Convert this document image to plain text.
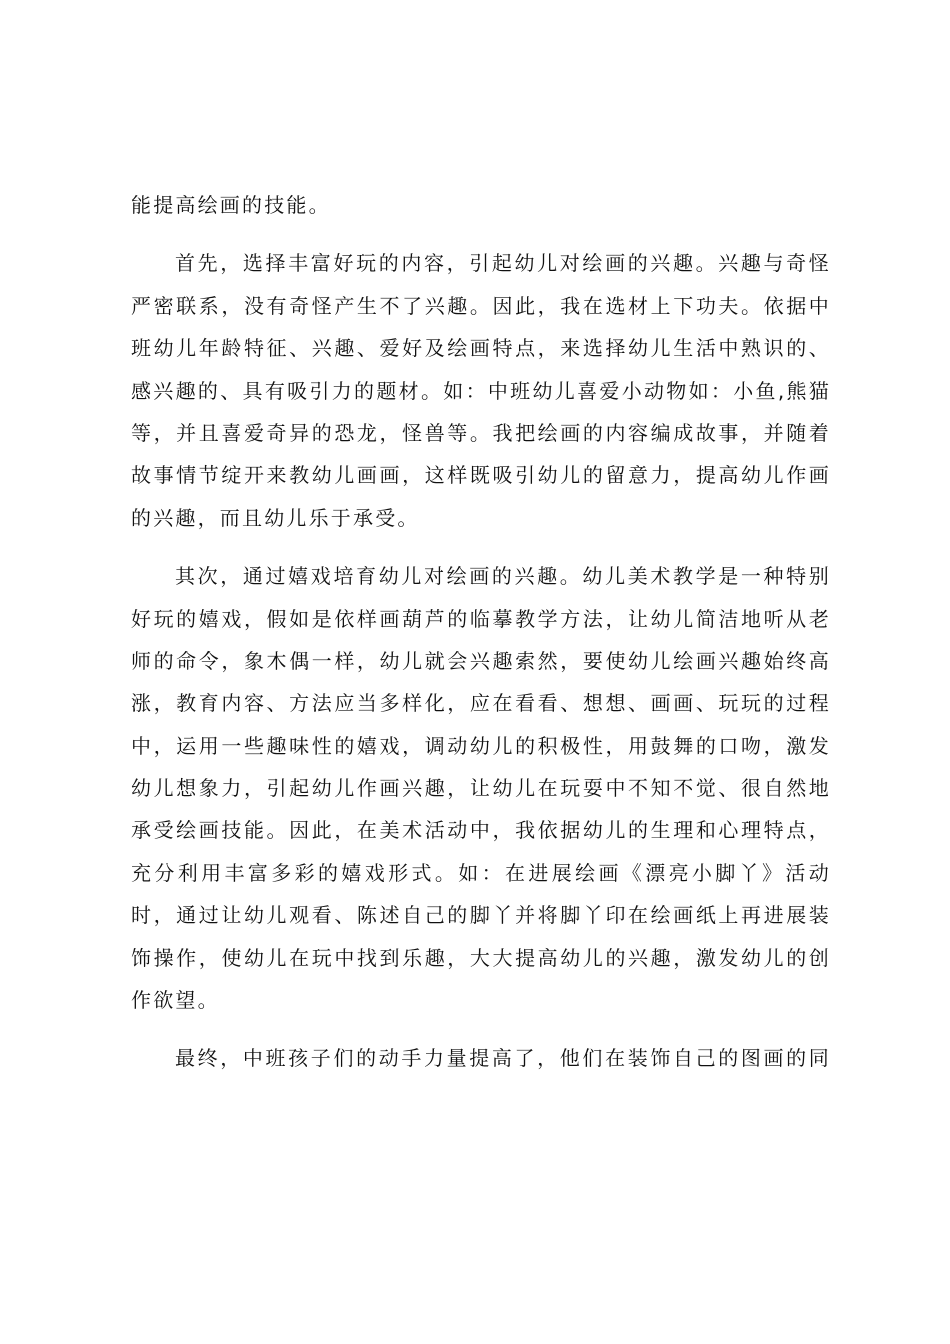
能提高绘画的技能。
首先，选择丰富好玩的内容，引起幼儿对绘画的兴趣。兴趣与奇怪
严密联系，没有奇怪产生不了兴趣。因此，我在选材上下功夫。依据中
班幼儿年龄特征、兴趣、爱好及绘画特点，来选择幼儿生活中熟识的、
感兴趣的、具有吸引力的题材。如：中班幼儿喜爱小动物如：小鱼,熊猫
等，并且喜爱奇异的恐龙，怪兽等。我把绘画的内容编成故事，并随着
故事情节绽开来教幼儿画画，这样既吸引幼儿的留意力，提高幼儿作画
的兴趣，而且幼儿乐于承受。
其次，通过嬉戏培育幼儿对绘画的兴趣。幼儿美术教学是一种特别
好玩的嬉戏，假如是依样画葫芦的临摹教学方法，让幼儿简洁地听从老
师的命令，象木偶一样，幼儿就会兴趣索然，要使幼儿绘画兴趣始终高
涨，教育内容、方法应当多样化，应在看看、想想、画画、玩玩的过程
中，运用一些趣味性的嬉戏，调动幼儿的积极性，用鼓舞的口吻，激发
幼儿想象力，引起幼儿作画兴趣，让幼儿在玩耍中不知不觉、很自然地
承受绘画技能。因此，在美术活动中，我依据幼儿的生理和心理特点，
充分利用丰富多彩的嬉戏形式。如：在进展绘画《漂亮小脚丫》活动
时，通过让幼儿观看、陈述自己的脚丫并将脚丫印在绘画纸上再进展装
饰操作，使幼儿在玩中找到乐趣，大大提高幼儿的兴趣，激发幼儿的创
作欲望。
最终，中班孩子们的动手力量提高了，他们在装饰自己的图画的同
